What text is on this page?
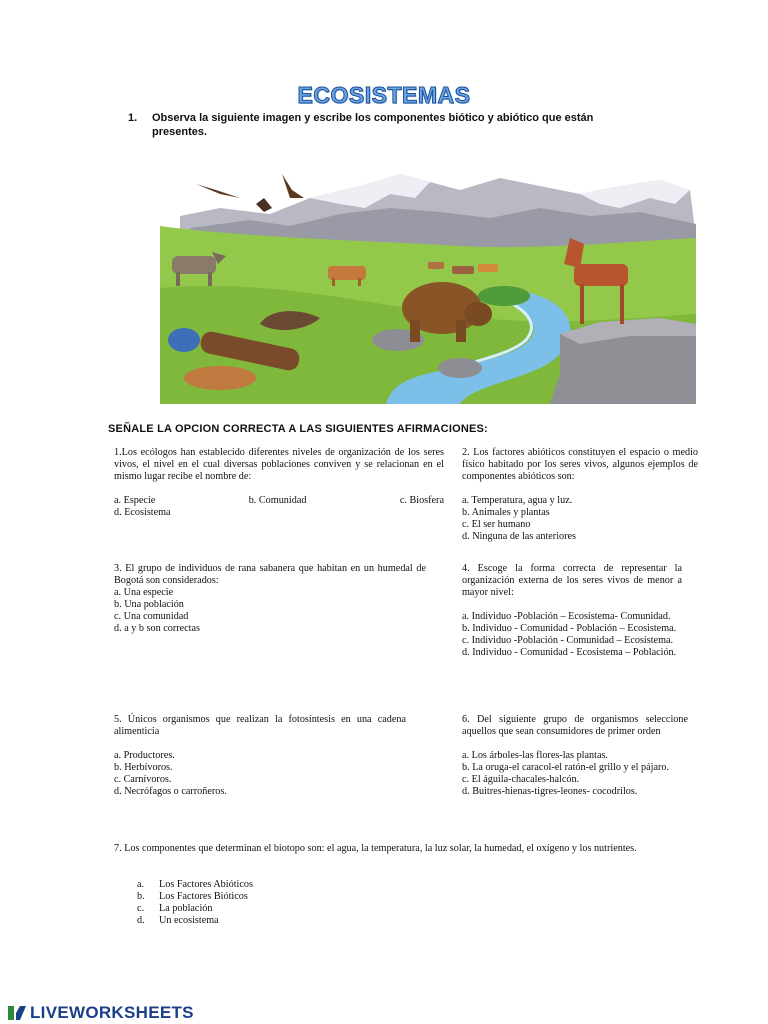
ECOSISTEMAS
1. Observa la siguiente imagen y escribe los componentes biótico y abiótico que están presentes.
SEÑALE LA OPCION CORRECTA A LAS SIGUIENTES AFIRMACIONES:

1.Los ecólogos han establecido diferentes niveles de organización de los seres vivos, el nivel en el cual diversas poblaciones conviven y se relacionan en el mismo lugar recibe el nombre de:

a. Especie	b. Comunidad	c. Biosfera

d. Ecosistema

2. Los factores abióticos constituyen el espacio o medio físico habitado por los seres vivos, algunos ejemplos de componentes abióticos son:

a. Temperatura, agua y luz.

b. Animales y plantas

c. El ser humano

d. Ninguna de las anteriores

3. El grupo de individuos de rana sabanera que habitan en un humedal de Bogotá son considerados:

a. Una especie

b. Una población

c. Una comunidad

d. a y b son correctas

4. Escoge la forma correcta de representar la organización externa de los seres vivos de menor a mayor nivel:

a. Individuo -Población – Ecosistema- Comunidad.

b. Individuo - Comunidad - Población – Ecosistema.

c. Individuo -Población - Comunidad – Ecosistema.

d. Individuo - Comunidad - Ecosistema – Población.

5. Únicos organismos que realizan la fotosíntesis en una cadena alimenticia

a. Productores.

b. Herbívoros.

c. Carnívoros.

d. Necrófagos o carroñeros.

6. Del siguiente grupo de organismos seleccione aquellos que sean consumidores de primer orden

a. Los árboles-las flores-las plantas.

b. La oruga-el caracol-el ratón-el grillo y el pájaro.

c. El águila-chacales-halcón.

d. Buitres-hienas-tigres-leones- cocodrilos.

7. Los componentes que determinan el biotopo son: el agua, la temperatura, la luz solar, la humedad, el oxígeno y los nutrientes.

a.	Los Factores Abióticos
b.	Los Factores Bióticos
c.	La población
d.	Un ecosistema
LIVEWORKSHEETS
